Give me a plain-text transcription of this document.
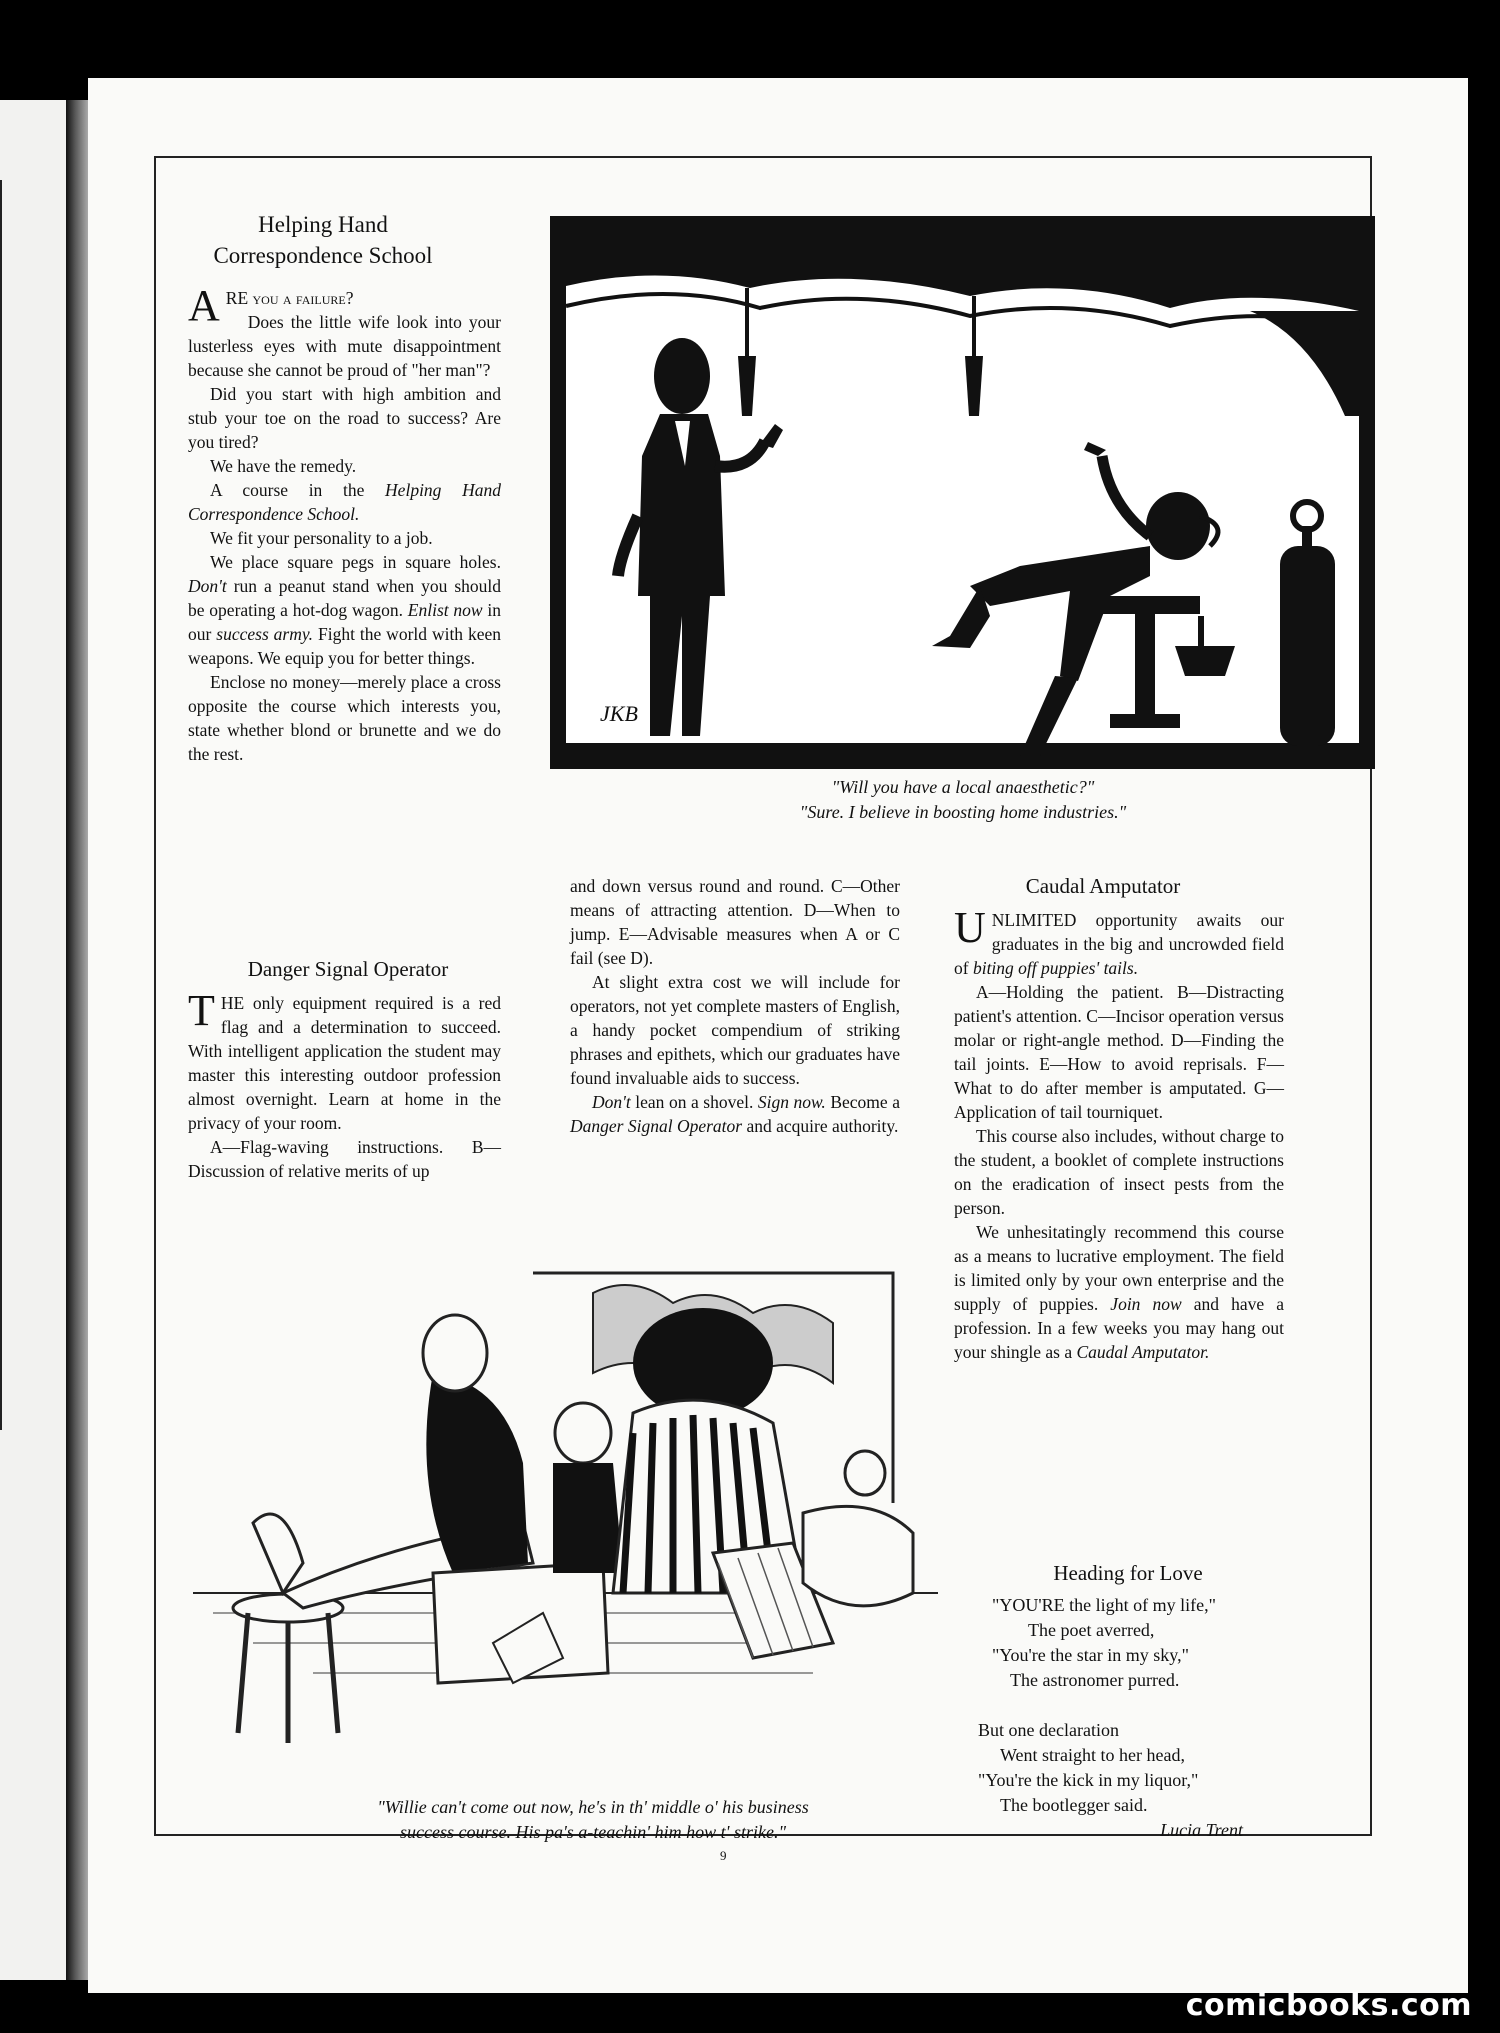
Helping Hand
Correspondence School

ARE you a failure?

Does the little wife look into your lusterless eyes with mute disappointment because she cannot be proud of "her man"?

Did you start with high ambition and stub your toe on the road to success? Are you tired?

We have the remedy.

A course in the Helping Hand Correspondence School.

We fit your personality to a job.

We place square pegs in square holes. Don't run a peanut stand when you should be operating a hot-dog wagon. Enlist now in our success army. Fight the world with keen weapons. We equip you for better things.

Enclose no money—merely place a cross opposite the course which interests you, state whether blond or brunette and we do the rest.

JKB
"Will you have a local anaesthetic?"
"Sure. I believe in boosting home industries."
Danger Signal Operator

THE only equipment required is a red flag and a determination to succeed. With intelligent application the student may master this interesting outdoor profession almost overnight. Learn at home in the privacy of your room.

A—Flag-waving instructions. B—Discussion of relative merits of up

and down versus round and round. C—Other means of attracting attention. D—When to jump. E—Advisable measures when A or C fail (see D).

At slight extra cost we will include for operators, not yet complete masters of English, a handy pocket compendium of striking phrases and epithets, which our graduates have found invaluable aids to success.

Don't lean on a shovel. Sign now. Become a Danger Signal Operator and acquire authority.

Caudal Amputator

UNLIMITED opportunity awaits our graduates in the big and uncrowded field of biting off puppies' tails.

A—Holding the patient. B—Distracting patient's attention. C—Incisor operation versus molar or right-angle method. D—Finding the tail joints. E—How to avoid reprisals. F—What to do after member is amputated. G—Application of tail tourniquet.

This course also includes, without charge to the student, a booklet of complete instructions on the eradication of insect pests from the person.

We unhesitatingly recommend this course as a means to lucrative employment. The field is limited only by your own enterprise and the supply of puppies. Join now and have a profession. In a few weeks you may hang out your shingle as a Caudal Amputator.

"Willie can't come out now, he's in th' middle o' his business
success course. His pa's a-teachin' him how t' strike."
Heading for Love
"YOU'RE the light of my life,"
The poet averred,
"You're the star in my sky,"
The astronomer purred.
But one declaration
Went straight to her head,
"You're the kick in my liquor,"
The bootlegger said.
Lucia Trent
9
comicbooks.com
